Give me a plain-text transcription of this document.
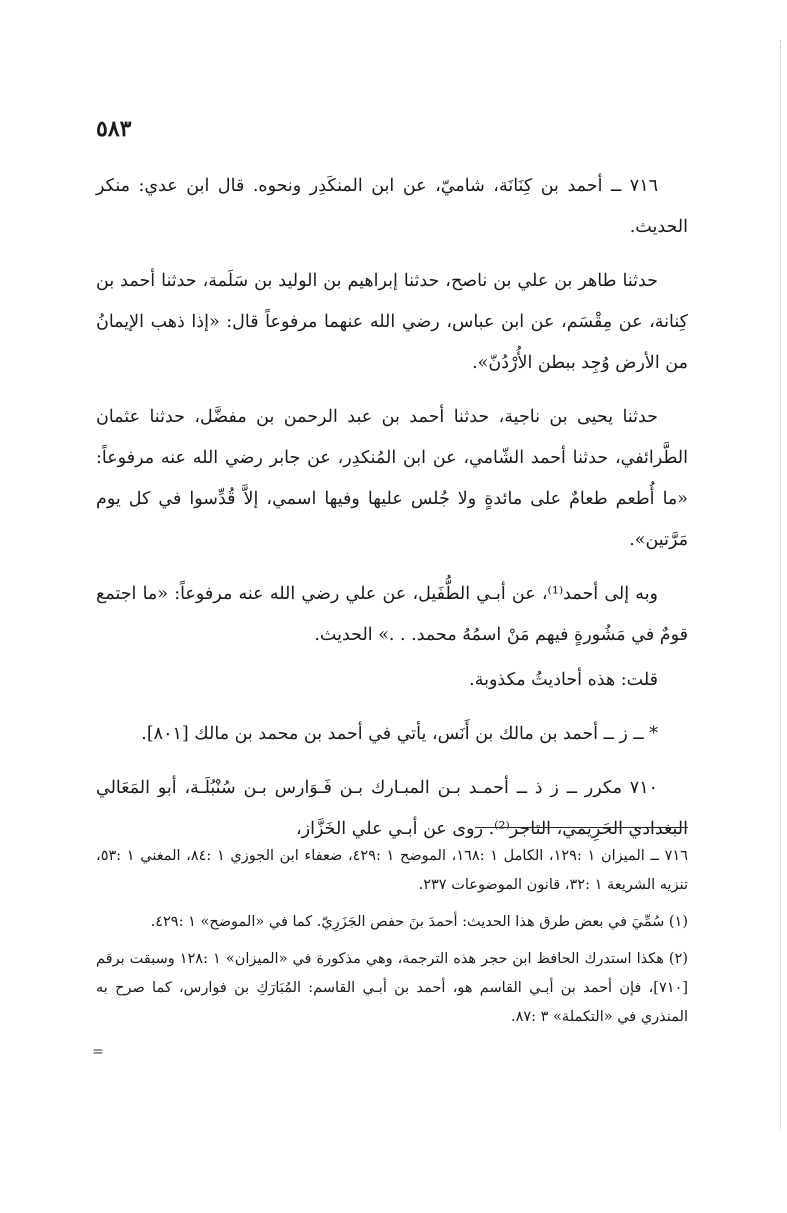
٥٨٣

٧١٦ ــ أحمد بن كِنَانَة، شاميّ، عن ابن المنكَدِر ونحوه. قال ابن عدي: منكر الحديث.

حدثنا طاهر بن علي بن ناصح، حدثنا إبراهيم بن الوليد بن سَلَمة، حدثنا أحمد بن كِنانة، عن مِقْسَم، عن ابن عباس، رضي الله عنهما مرفوعاً قال: «إذا ذهب الإيمانُ من الأرض وُجِد ببطن الأُرْدُنّ».

حدثنا يحيى بن ناجية، حدثنا أحمد بن عبد الرحمن بن مفضَّل، حدثنا عثمان الطَّرائفي، حدثنا أحمد الشّامي، عن ابن المُنكدِر، عن جابر رضي الله عنه مرفوعاً: «ما أُطعم طعامٌ على مائدةٍ ولا جُلس عليها وفيها اسمي، إلاَّ قُدِّسوا في كل يوم مَرَّتين».

وبه إلى أحمد⁽¹⁾، عن أبـي الطُّفَيل، عن علي رضي الله عنه مرفوعاً: «ما اجتمع قومٌ في مَشُورةٍ فيهم مَنْ اسمُهُ محمد. . .» الحديث.

قلت: هذه أحاديثُ مكذوبة.

* ــ ز ــ أحمد بن مالك بن أَنَس، يأتي في أحمد بن محمد بن مالك [٨٠١].

٧١٠ مكرر ــ ز ذ ــ أحمـد بـن المبـارك بـن فَـوَارس بـن سُنْبُلَـة، أبو المَعَالي البغدادي الحَرِيمي، التاجر⁽²⁾. روى عن أبـي علي الخَزَّاز،

٧١٦ ــ الميزان ١ :١٢٩، الكامل ١ :١٦٨، الموضح ١ :٤٢٩، ضعفاء ابن الجوزي ١ :٨٤، المغني ١ :٥٣، تنزيه الشريعة ١ :٣٢، قانون الموضوعات ٢٣٧.

(١) سُمِّيَ في بعض طرق هذا الحديث: أحمدَ بنَ حفص الجَزَرِيّ. كما في «الموضح» ١ :٤٢٩.

(٢) هكذا استدرك الحافظ ابن حجر هذه الترجمة، وهي مذكورة في «الميزان» ١ :١٢٨ وسبقت برقم [٧١٠]، فإن أحمد بن أبـي القاسم هو، أحمد بن أبـي القاسم: المُبَارَكِ بن فوارس، كما صرح به المنذري في «التكملة» ٣ :٨٧.

=
